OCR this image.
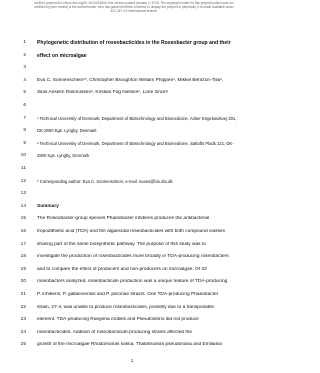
bioRxiv preprint doi: https://doi.org/10.1101/242842; this version posted January 4, 2018. The copyright holder for this preprint (which was not certified by peer review) is the author/funder, who has granted bioRxiv a license to display the preprint in perpetuity. It is made available under aCC-BY 4.0 International license.
1 Phylogenetic distribution of roseobacticides in the Roseobacter group and their
2 effect on microalgae
3
4 Eva C. Sonnenschein¹*, Christopher Broughton William Phippen¹, Mikkel Bentzon-Tilia¹,
5 Silas Anselm Rasmussen², Kristian Fog Nielsen², Lone Gram¹
6
7	¹ Technical University of Denmark, Department of Biotechnology and Biomedicine, Anker Engelundsvej 301,
8	DK-2800 Kgs. Lyngby, Denmark
9	² Technical University of Denmark, Department of Biotechnology and Biomedicine, Søltofts Plads 221, DK-
10	2800 Kgs. Lyngby, Denmark
11
12	* Corresponding author: Eva C. Sonnenschein; e-mail: evaso@bio.dtu.dk
13
14 Summary
15 The Roseobacter-group species Phaeobacter inhibens produces the antibacterial
16 tropodithietic acid (TDA) and the algaecidal roseobacticides with both compound classes
17 sharing part of the same biosynthetic pathway. The purpose of this study was to
18 investigate the production of roseobacticides more broadly in TDA-producing roseobacters
19 and to compare the effect of producers and non-producers on microalgae. Of 33
20 roseobacters analyzed, roseobacticide production was a unique feature of TDA-producing
21 P. inhibens, P. gallaeciensis and P. piscinae strains. One TDA-producing Phaeobacter
22 strain, 27-4, was unable to produce roseobacticides, possibly due to a transposable
23 element. TDA-producing Ruegeria mobilis and Pseudovibrio did not produce
24 roseobacticides. Addition of roseobacticide-producing strains affected the
25 growth of the microalgae Rhodomonas salina, Thalassiosira pseudonana and Emiliania
1
